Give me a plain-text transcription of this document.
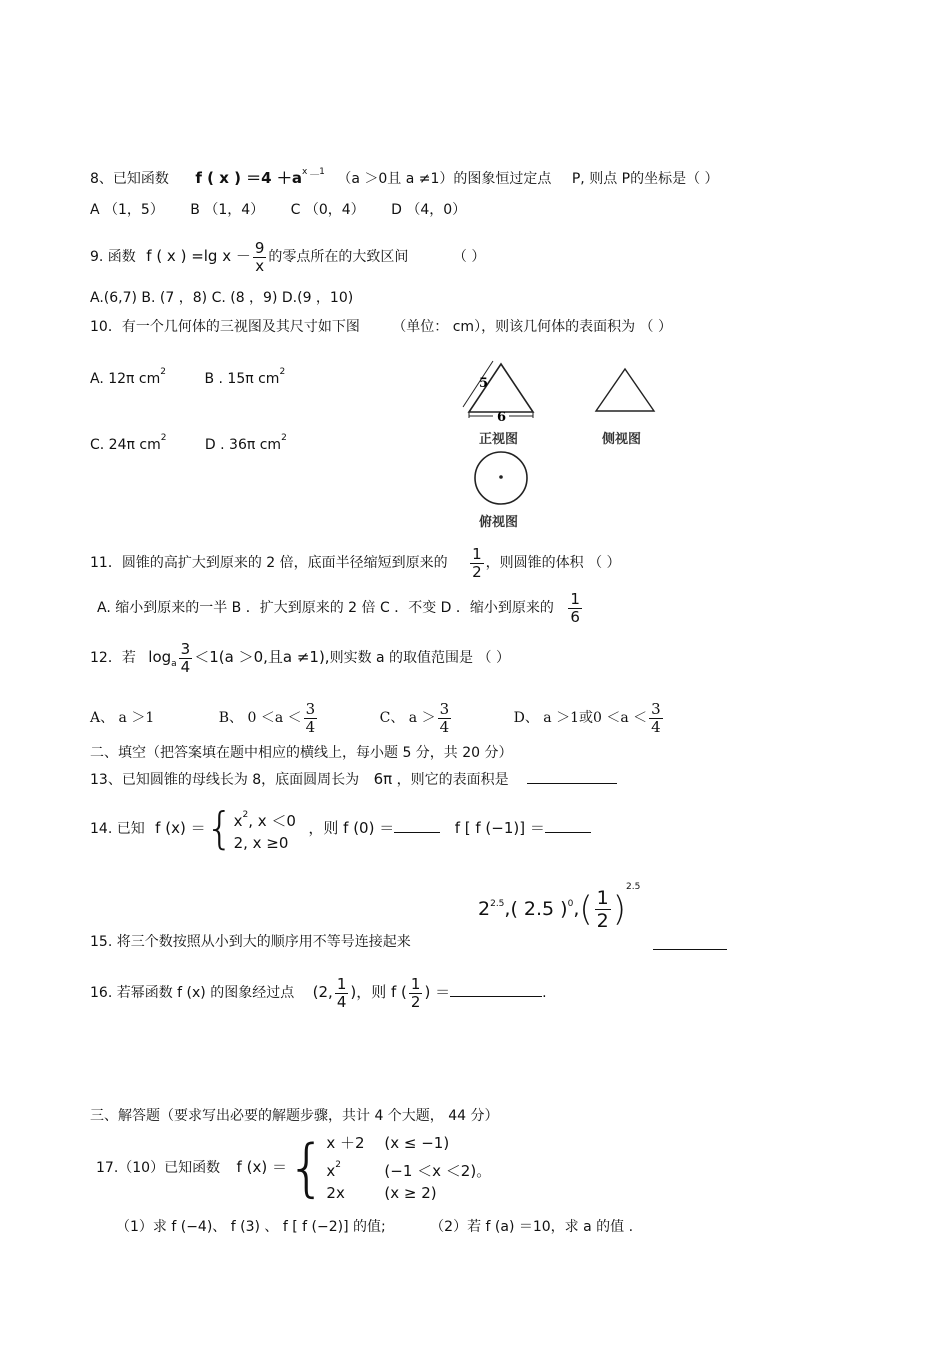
8、已知函数 f ( x ) $=4 +a^{x \_1}$ （a ＞0且 a ≠1）的图象恒过定点 P, 则点 P的坐标是（ ）
A （1，5） B （1，4） C （0，4） D （4，0）
9. 函数 f ( x ) =lg $x - \frac{9}{x}$ 的零点所在的大致区间	（ ）
A.(6,7) B. (7 ，8) C. (8 ，9) D.(9 ，10)
10．有一个几何体的三视图及其尺寸如下图 （单位： cm），则该几何体的表面积为 （ ）
A. 12π $cm^2$	B . 15π $cm^2$
C. 24π $cm^2$	D . 36π $cm^2$
5
6
正视图	侧视图
俯视图
11．圆锥的高扩大到原来的 2 倍，底面半径缩短到原来的 $\frac{1}{2}$ ，则圆锥的体积 （ ）
A. 缩小到原来的一半 B ．扩大到原来的 2 倍 C ．不变 D ．缩小到原来的 $\frac{1}{6}$
12．若 $\log_a \frac{3}{4} <1(a >0$,且a ≠1),则实数 a 的取值范围是 （ ）
A、 a ＞1	B、 $0 <a < \frac{3}{4}$	C、 $a > \frac{3}{4}$	D、 a ＞1或$0 <a < \frac{3}{4}$
二、填空（把答案填在题中相应的横线上，每小题 5 分，共 20 分）
13、已知圆锥的母线长为 8，底面圆周长为 6π ，则它的表面积是
14. 已知 f (x) ＝{ $x^2$, x ＜0
2, x ≥0
，则 f (0) ＝	f [ f (−1)] ＝
$2^{2.5}$,( 2.5 )$^0,( \frac{1}{2} )^{2.5}$
15. 将三个数按照从小到大的顺序用不等号连接起来
16. 若幂函数 f (x) 的图象经过点 (2, $\frac{1}{4}$ )，则 f ( $\frac{1}{2}$ ) ＝	.
三、解答题（要求写出必要的解题步骤，共计 4 个大题， 44 分）
17.（10）已知函数 f (x) ＝{ x ＋2 (x ≤ −1)
$x^2$	(−1 ＜x ＜2)。
2x	(x ≥ 2)
（1）求 f (−4)、 f (3) 、 f [ f (−2)] 的值;	（2）若 f (a) ＝10，求 a 的值 .
